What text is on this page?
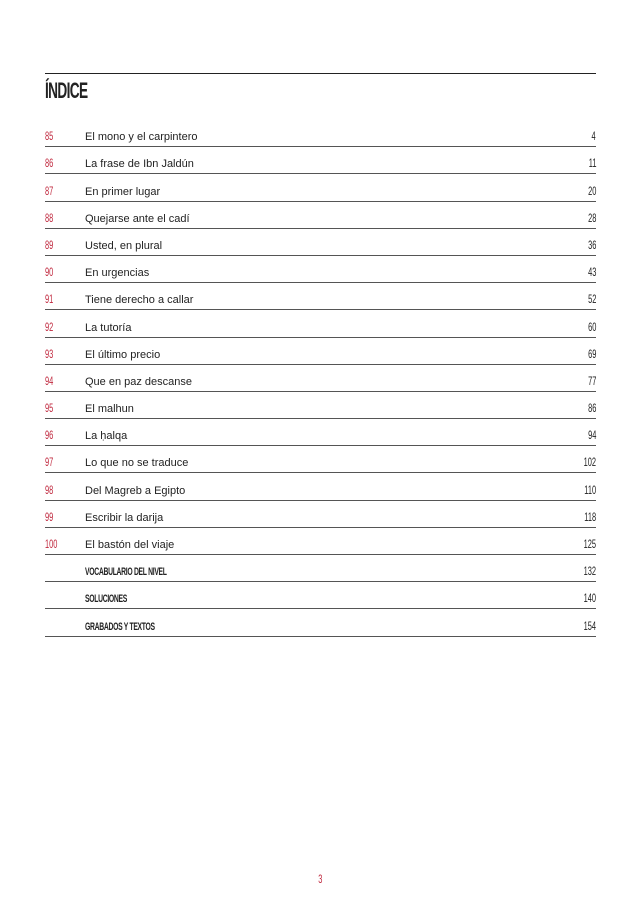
ÍNDICE
85	El mono y el carpintero	4
86	La frase de Ibn Jaldún	11
87	En primer lugar	20
88	Quejarse ante el cadí	28
89	Usted, en plural	36
90	En urgencias	43
91	Tiene derecho a callar	52
92	La tutoría	60
93	El último precio	69
94	Que en paz descanse	77
95	El malhun	86
96	La ḥalqa	94
97	Lo que no se traduce	102
98	Del Magreb a Egipto	110
99	Escribir la darija	118
100	El bastón del viaje	125
VOCABULARIO DEL NIVEL	132
SOLUCIONES	140
GRABADOS Y TEXTOS	154
3
